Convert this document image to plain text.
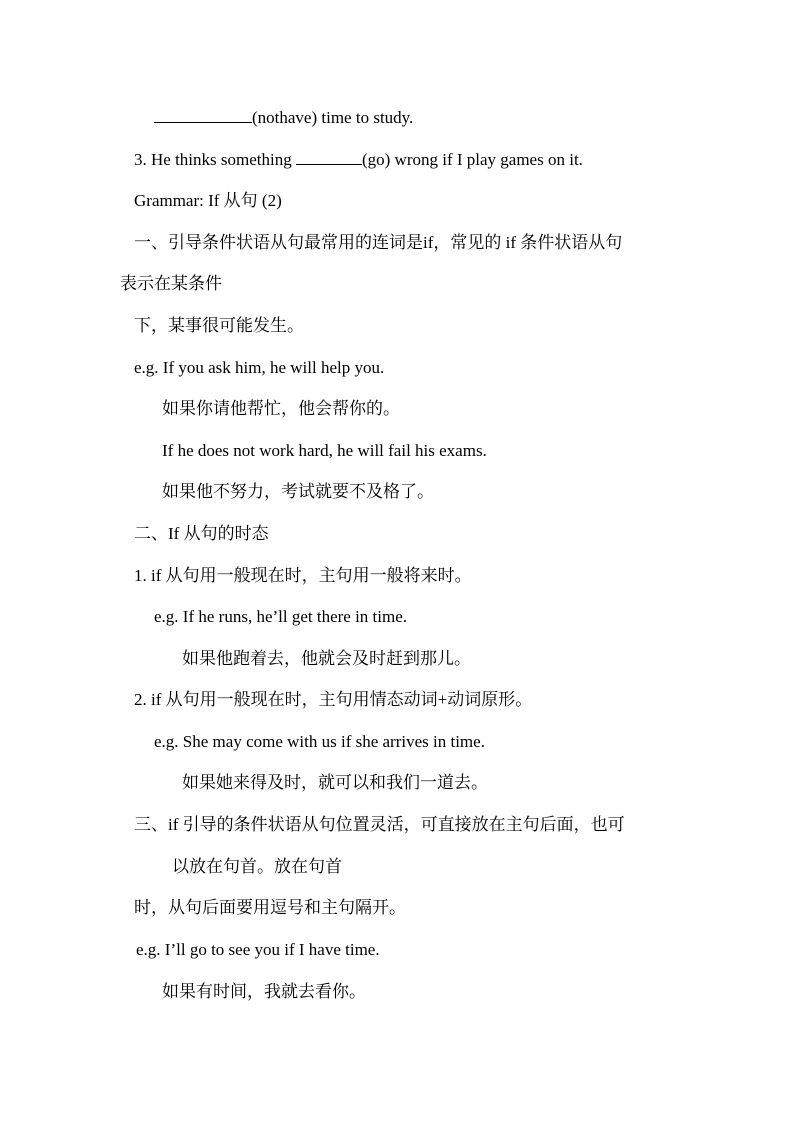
(nothave) time to study.
3. He thinks something	(go) wrong if I play games on it.
Grammar: If 从句 (2)
一、引导条件状语从句最常用的连词是if，常见的 if 条件状语从句
表示在某条件
下，某事很可能发生。
e.g. If you ask him, he will help you.
如果你请他帮忙，他会帮你的。
If he does not work hard, he will fail his exams.
如果他不努力，考试就要不及格了。
二、If 从句的时态
1. if 从句用一般现在时，主句用一般将来时。
e.g. If he runs, he’ll get there in time.
如果他跑着去，他就会及时赶到那儿。
2. if 从句用一般现在时，主句用情态动词+动词原形。
e.g. She may come with us if she arrives in time.
如果她来得及时，就可以和我们一道去。
三、if 引导的条件状语从句位置灵活，可直接放在主句后面，也可
以放在句首。放在句首
时，从句后面要用逗号和主句隔开。
e.g. I’ll go to see you if I have time.
如果有时间，我就去看你。
